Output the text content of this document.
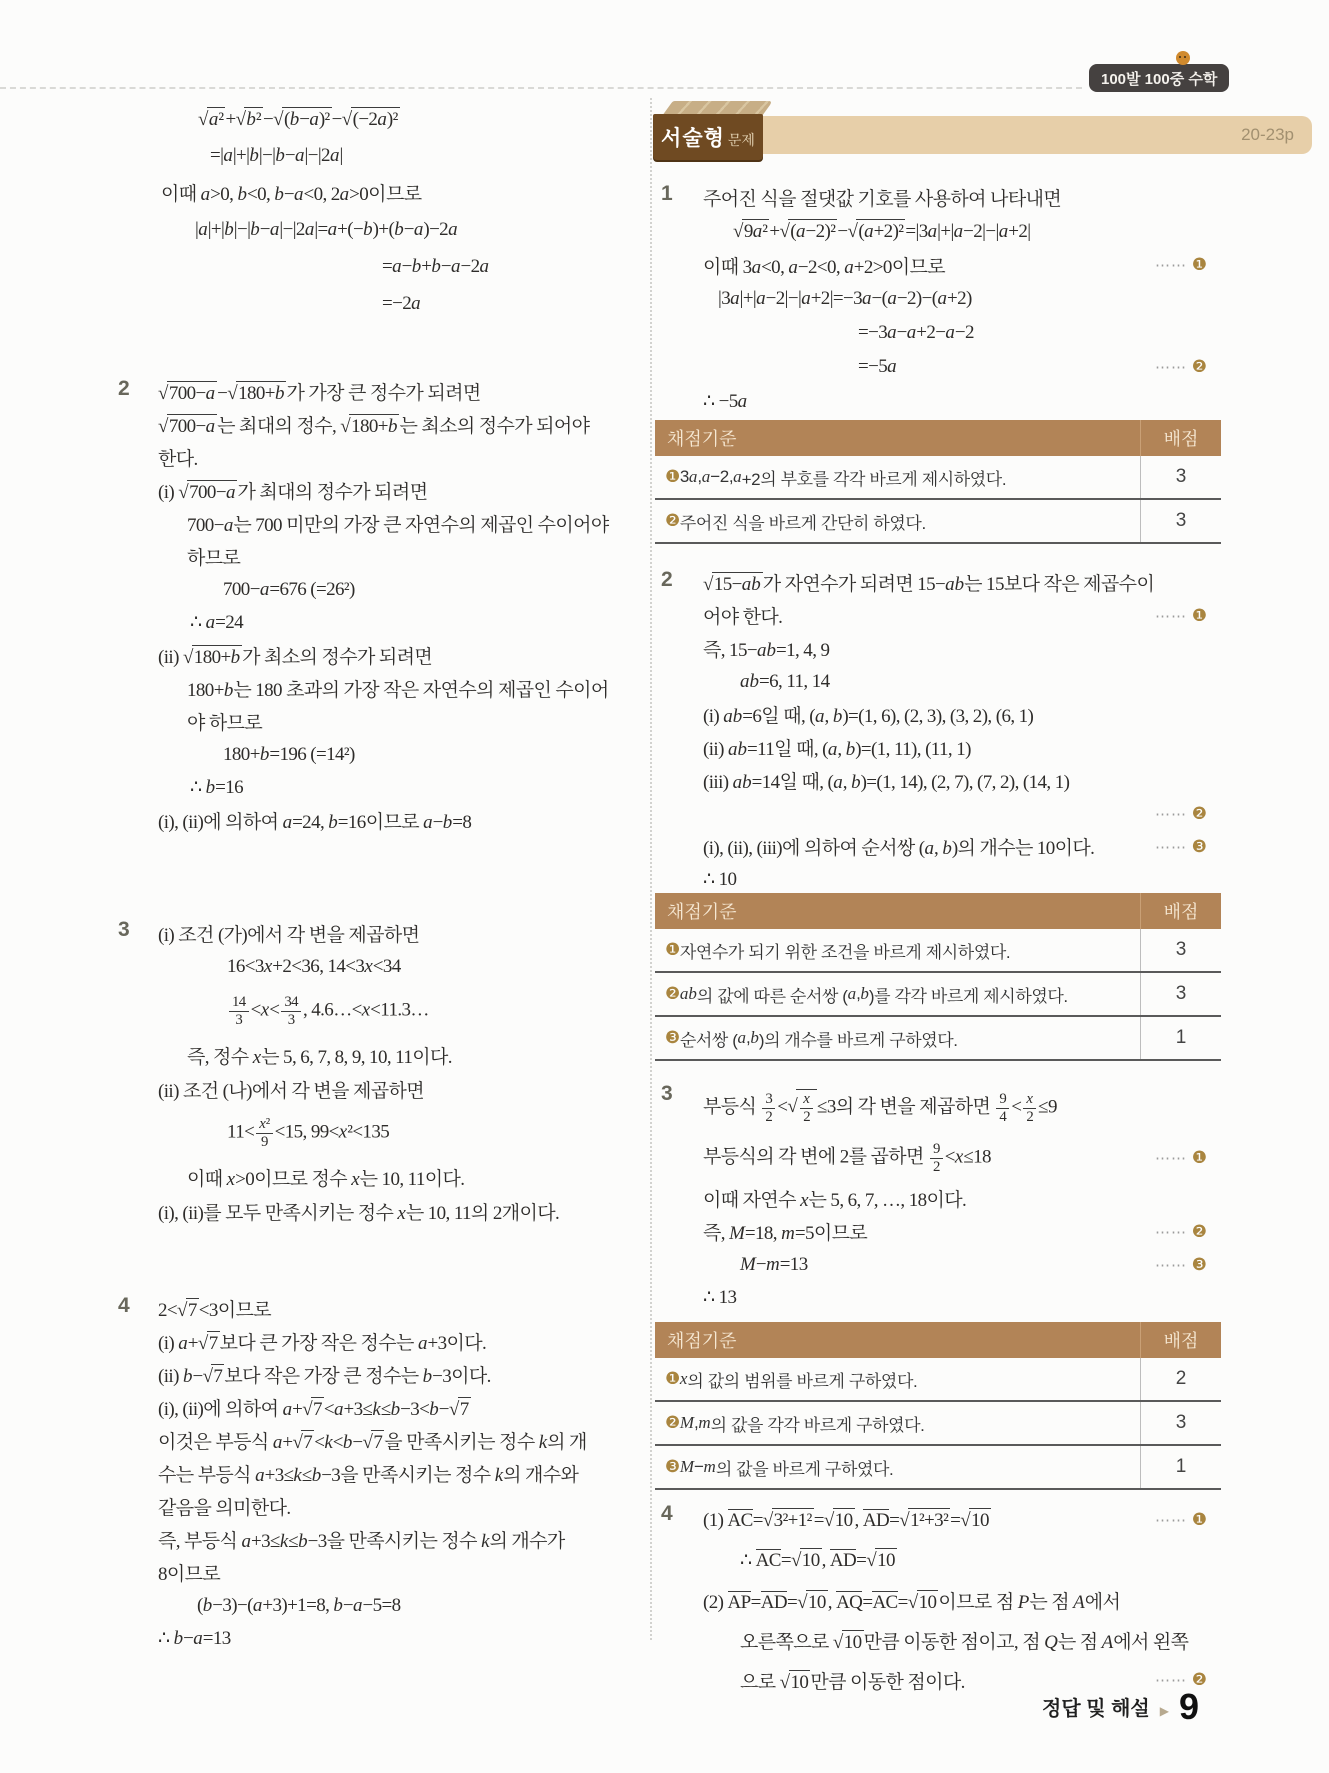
100발 100중 수학
20-23p
서술형 문제
√a² +√b² −√(b−a)² −√(−2a)²
=|a|+|b|−|b−a|−|2a|
이때 a>0, b<0, b−a<0, 2a>0이므로
|a|+|b|−|b−a|−|2a|=a+(−b)+(b−a)−2a
=a−b+b−a−2a
=−2a
2 √700−a −√180+b 가 가장 큰 정수가 되려면
√700−a 는 최대의 정수, √180+b 는 최소의 정수가 되어야
한다.
(i) √700−a 가 최대의 정수가 되려면
700−a는 700 미만의 가장 큰 자연수의 제곱인 수이어야
하므로
700−a=676 (=26²)
∴ a=24
(ii) √180+b 가 최소의 정수가 되려면
180+b는 180 초과의 가장 작은 자연수의 제곱인 수이어
야 하므로
180+b=196 (=14²)
∴ b=16
(i), (ii)에 의하여 a=24, b=16이므로 a−b=8
3 (i) 조건 (가)에서 각 변을 제곱하면
16<3x+2<36, 14<3x<34
$\frac{14}{3} <x< \frac{34}{3}$ , 4.6…<x<11.3…
즉, 정수 x는 5, 6, 7, 8, 9, 10, 11이다.
(ii) 조건 (나)에서 각 변을 제곱하면
$11< \frac{\text{x²}}{9} <15$, 99<x²<135
이때 x>0이므로 정수 x는 10, 11이다.
(i), (ii)를 모두 만족시키는 정수 x는 10, 11의 2개이다.
4 2<√7 <3이므로
(i) a+√7 보다 큰 가장 작은 정수는 a+3이다.
(ii) b−√7 보다 작은 가장 큰 정수는 b−3이다.
(i), (ii)에 의하여 a+√7 <a+3≤k≤b−3<b−√7
이것은 부등식 a+√7 <k<b−√7 을 만족시키는 정수 k의 개
수는 부등식 a+3≤k≤b−3을 만족시키는 정수 k의 개수와
같음을 의미한다.
즉, 부등식 a+3≤k≤b−3을 만족시키는 정수 k의 개수가
8이므로
(b−3)−(a+3)+1=8, b−a−5=8
∴ b−a=13
1 주어진 식을 절댓값 기호를 사용하여 나타내면
√9a² +√(a−2)² −√(a+2)² =|3a|+|a−2|−|a+2|
이때 3a<0, a−2<0, a+2>0이므로	⋯⋯ ❶
|3a|+|a−2|−|a+2|=−3a−(a−2)−(a+2)
=−3a−a+2−a−2
=−5a	⋯⋯ ❷
∴ −5a
채점기준	배점
❶ 3 a , a −2, a +2의 부호를 각각 바르게 제시하였다.	3
❷ 주어진 식을 바르게 간단히 하였다.	3
2 √15−ab 가 자연수가 되려면 15−ab는 15보다 작은 제곱수이
어야 한다.	⋯⋯ ❶
즉, 15−ab=1, 4, 9
ab=6, 11, 14
(i) ab=6일 때, (a, b)=(1, 6), (2, 3), (3, 2), (6, 1)
(ii) ab=11일 때, (a, b)=(1, 11), (11, 1)
(iii) ab=14일 때, (a, b)=(1, 14), (2, 7), (7, 2), (14, 1)
⋯⋯ ❷
(i), (ii), (iii)에 의하여 순서쌍 (a, b)의 개수는 10이다.	⋯⋯ ❸
∴ 10
채점기준	배점
❶ 자연수가 되기 위한 조건을 바르게 제시하였다.	3
❷ ab 의 값에 따른 순서쌍 ( a , b )를 각각 바르게 제시하였다.	3
❸ 순서쌍 ( a , b )의 개수를 바르게 구하였다.	1
3
부등식 $\frac{3}{2}$ <√ $\frac{x}{2} \le 3$의 각 변을 제곱하면 $\frac{9}{4} < \frac{x}{2} \le 9$
부등식의 각 변에 2를 곱하면 $\frac{9}{2} <x\le 18$	⋯⋯ ❶
이때 자연수 x는 5, 6, 7, …, 18이다.
즉, M=18, m=5이므로	⋯⋯ ❷
M−m=13	⋯⋯ ❸
∴ 13
채점기준	배점
❶ x 의 값의 범위를 바르게 구하였다.	2
❷ M , m 의 값을 각각 바르게 구하였다.	3
❸ M − m 의 값을 바르게 구하였다.	1
4 (1) AC=√3²+1² =√10 , AD=√1²+3² =√10	⋯⋯ ❶
∴ AC=√10 , AD=√10
(2) AP=AD=√10 , AQ=AC=√10 이므로 점 P는 점 A에서
오른쪽으로 √10 만큼 이동한 점이고, 점 Q는 점 A에서 왼쪽
으로 √10 만큼 이동한 점이다.	⋯⋯ ❷
정답 및 해설 ▶ 9
